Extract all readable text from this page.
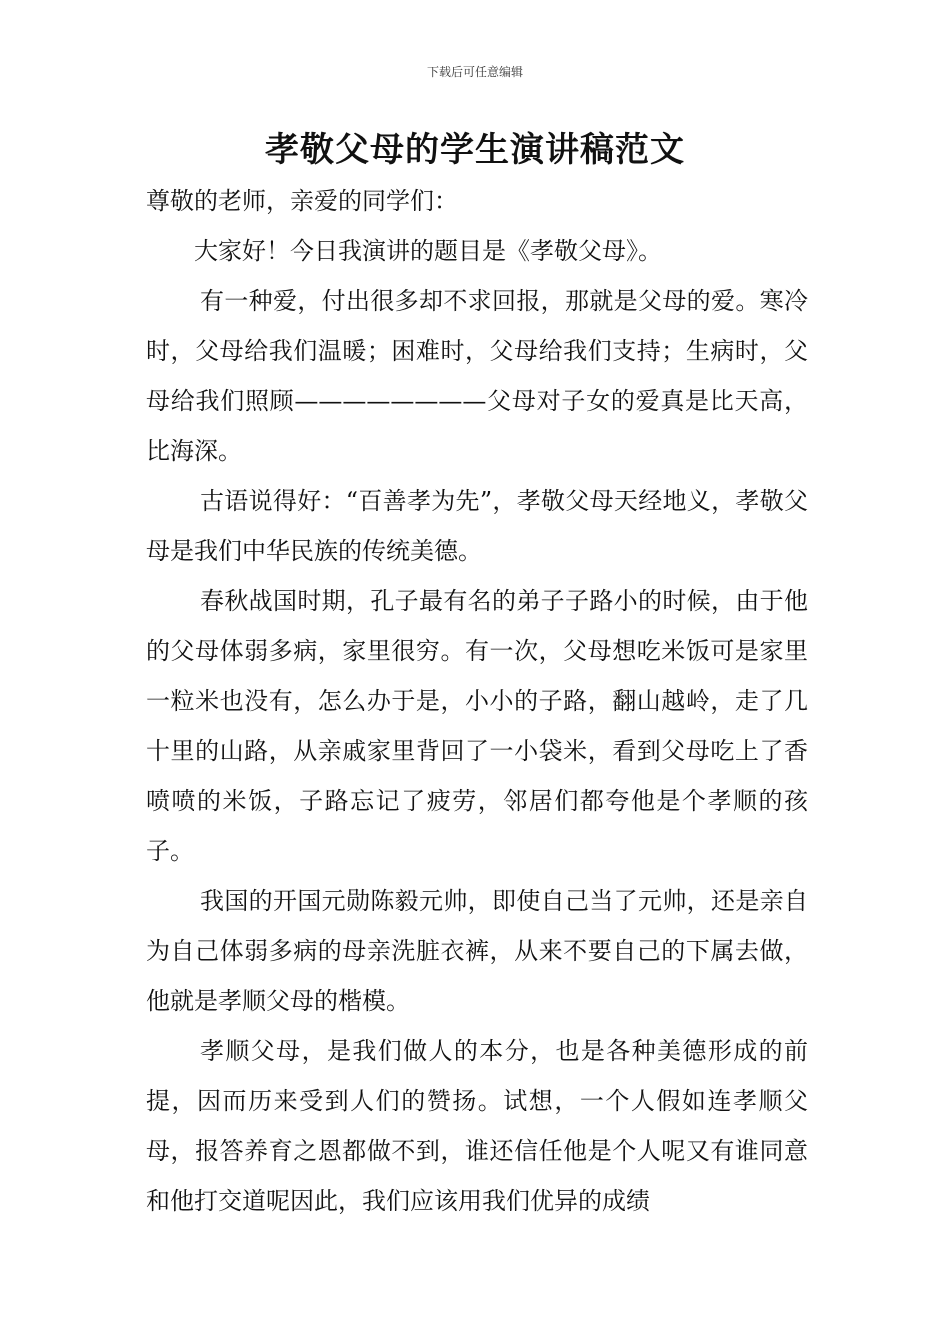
下载后可任意编辑
孝敬父母的学生演讲稿范文

尊敬的老师，亲爱的同学们：

大家好！今日我演讲的题目是《孝敬父母》。

有一种爱，付出很多却不求回报，那就是父母的爱。寒冷时，父母给我们温暖；困难时，父母给我们支持；生病时，父母给我们照顾————————父母对子女的爱真是比天高，比海深。

古语说得好：“百善孝为先”，孝敬父母天经地义，孝敬父母是我们中华民族的传统美德。

春秋战国时期，孔子最有名的弟子子路小的时候，由于他的父母体弱多病，家里很穷。有一次，父母想吃米饭可是家里一粒米也没有，怎么办于是，小小的子路，翻山越岭，走了几十里的山路，从亲戚家里背回了一小袋米，看到父母吃上了香喷喷的米饭，子路忘记了疲劳，邻居们都夸他是个孝顺的孩子。

我国的开国元勋陈毅元帅，即使自己当了元帅，还是亲自为自己体弱多病的母亲洗脏衣裤，从来不要自己的下属去做，他就是孝顺父母的楷模。

孝顺父母，是我们做人的本分，也是各种美德形成的前提，因而历来受到人们的赞扬。试想，一个人假如连孝顺父母，报答养育之恩都做不到，谁还信任他是个人呢又有谁同意和他打交道呢因此，我们应该用我们优异的成绩
